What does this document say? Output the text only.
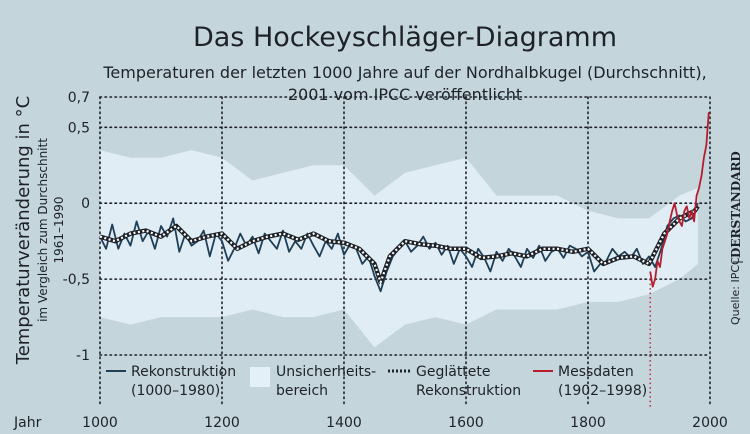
Das Hockeyschläger-Diagramm
Temperaturen der letzten 1000 Jahre auf der Nordhalbkugel (Durchschnitt),
2001 vom IPCC veröffentlicht
0,7
0,5
0
-0,5
-1
1000	1200	1400	1600	1800	2000
Temperaturveränderung in °C im Vergleich zum Durchschnitt 1961–1990
Jahr
Rekonstruktion
(1000–1980)
Unsicherheits-
bereich
Geglättete
Rekonstruktion
Messdaten
(1902–1998)
Quelle: IPCC
DERSTANDARD
